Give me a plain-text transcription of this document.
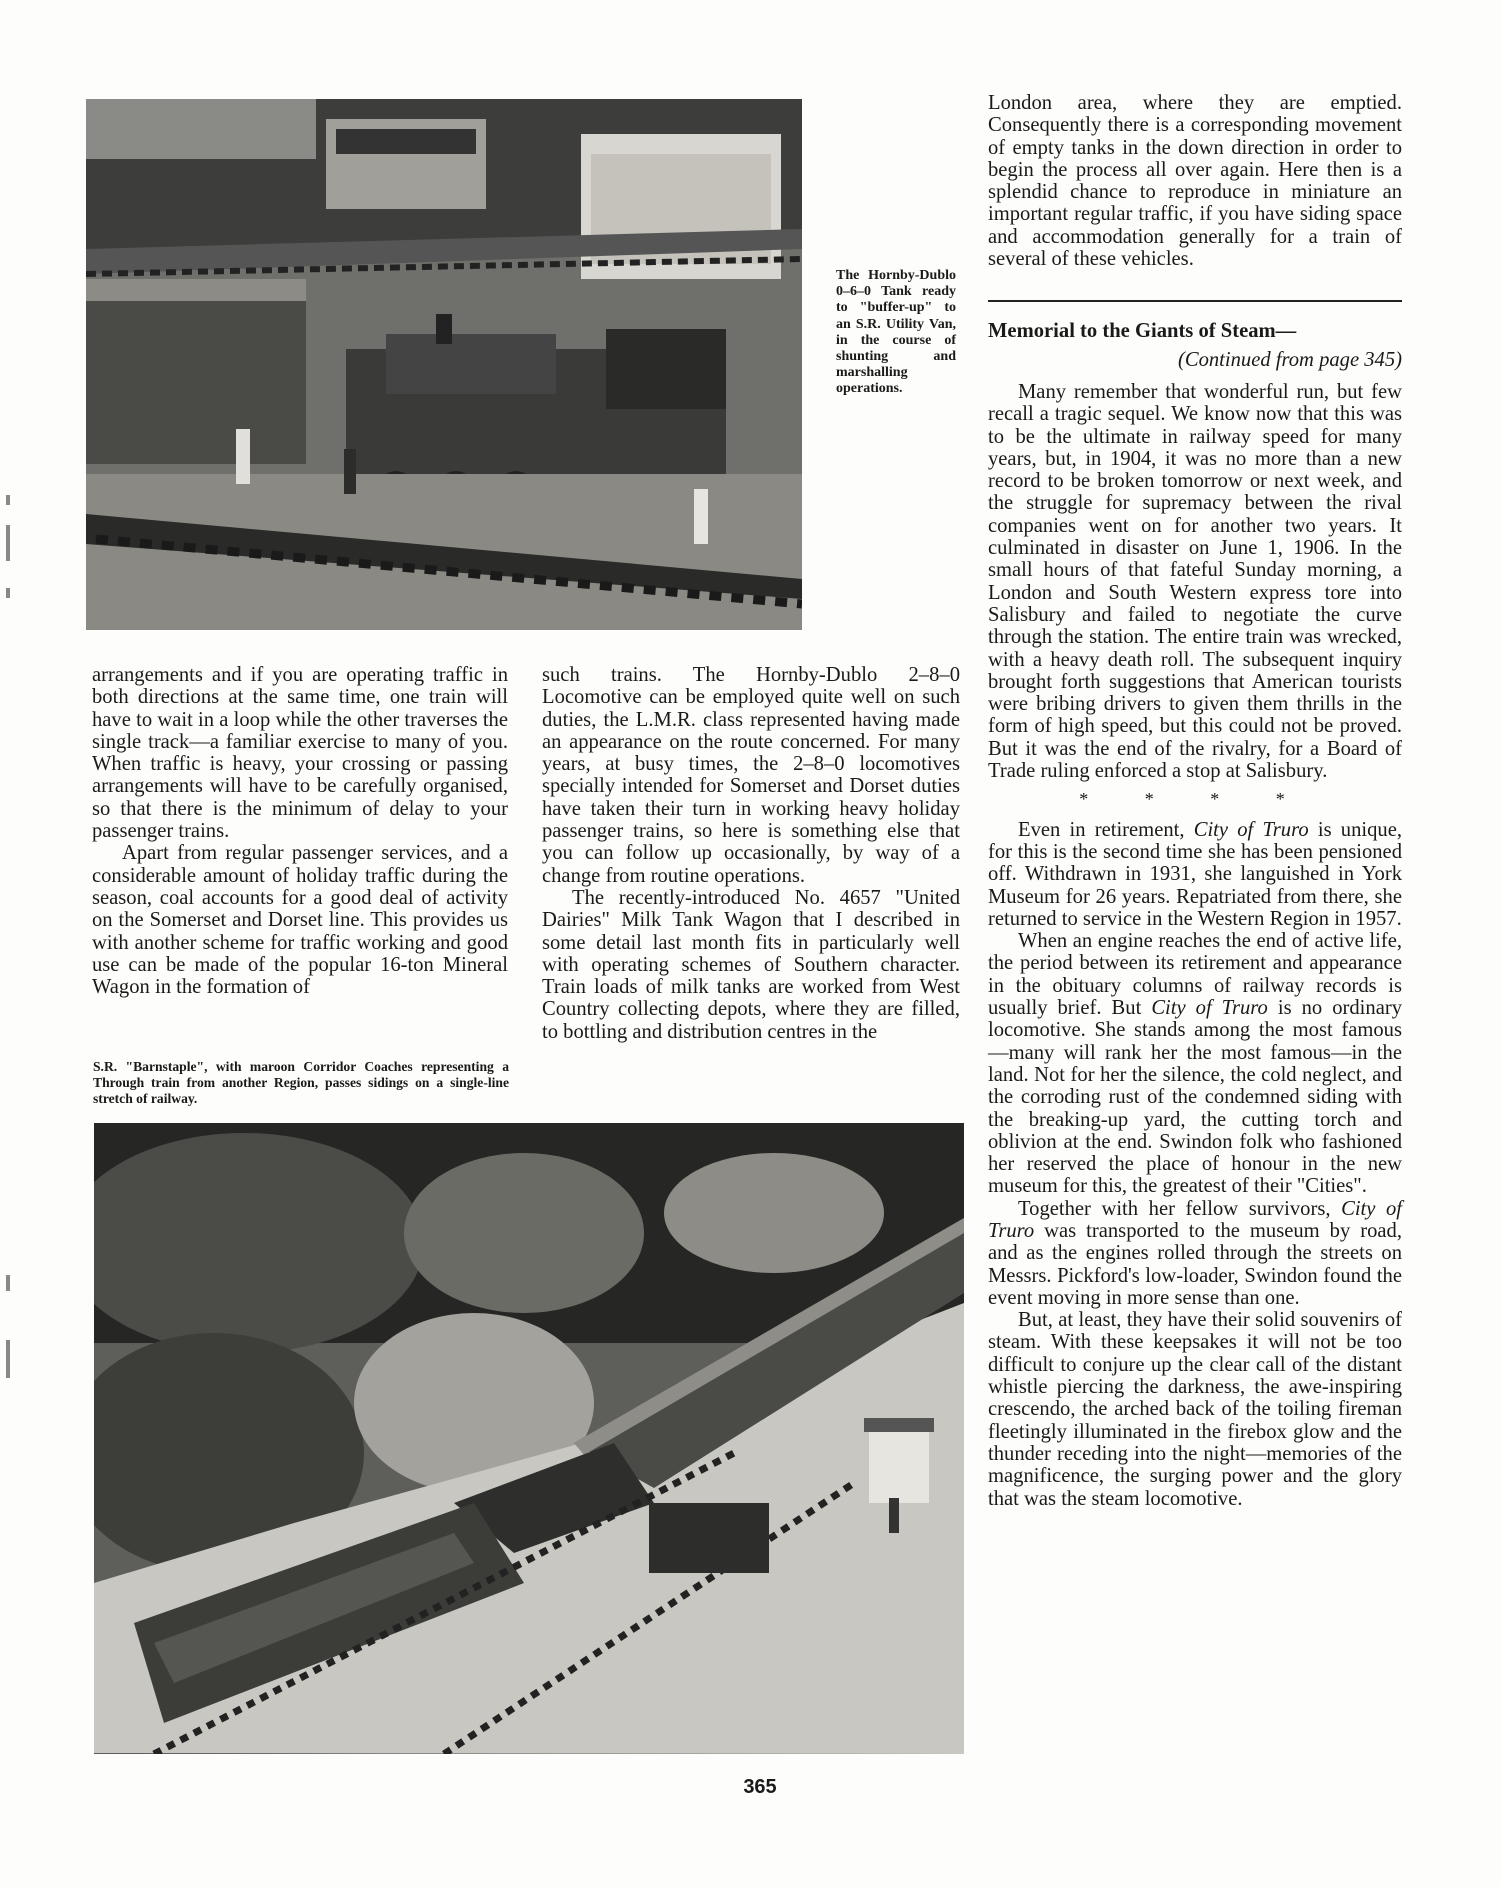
The Hornby-Dublo 0–6–0 Tank ready to "buffer-up" to an S.R. Utility Van, in the course of shunting and marshalling operations.

arrangements and if you are operating traffic in both directions at the same time, one train will have to wait in a loop while the other traverses the single track—a familiar exercise to many of you. When traffic is heavy, your crossing or passing arrangements will have to be carefully organised, so that there is the minimum of delay to your passenger trains.

Apart from regular passenger services, and a considerable amount of holiday traffic during the season, coal accounts for a good deal of activity on the Somerset and Dorset line. This provides us with another scheme for traffic working and good use can be made of the popular 16-ton Mineral Wagon in the formation of

S.R. "Barnstaple", with maroon Corridor Coaches representing a Through train from another Region, passes sidings on a single-line stretch of railway.

such trains. The Hornby-Dublo 2–8–0 Locomotive can be employed quite well on such duties, the L.M.R. class represented having made an appearance on the route concerned. For many years, at busy times, the 2–8–0 locomotives specially intended for Somerset and Dorset duties have taken their turn in working heavy holiday passenger trains, so here is something else that you can follow up occasionally, by way of a change from routine operations.

The recently-introduced No. 4657 "United Dairies" Milk Tank Wagon that I described in some detail last month fits in particularly well with operating schemes of Southern character. Train loads of milk tanks are worked from West Country collecting depots, where they are filled, to bottling and distribution centres in the

London area, where they are emptied. Consequently there is a corresponding movement of empty tanks in the down direction in order to begin the process all over again. Here then is a splendid chance to reproduce in miniature an important regular traffic, if you have siding space and accommodation generally for a train of several of these vehicles.

Memorial to the Giants of Steam—
(Continued from page 345)

Many remember that wonderful run, but few recall a tragic sequel. We know now that this was to be the ultimate in railway speed for many years, but, in 1904, it was no more than a new record to be broken tomorrow or next week, and the struggle for supremacy between the rival companies went on for another two years. It culminated in disaster on June 1, 1906. In the small hours of that fateful Sunday morning, a London and South Western express tore into Salisbury and failed to negotiate the curve through the station. The entire train was wrecked, with a heavy death roll. The subsequent inquiry brought forth suggestions that American tourists were bribing drivers to given them thrills in the form of high speed, but this could not be proved. But it was the end of the rivalry, for a Board of Trade ruling enforced a stop at Salisbury.

* * * *

Even in retirement, City of Truro is unique, for this is the second time she has been pensioned off. Withdrawn in 1931, she languished in York Museum for 26 years. Repatriated from there, she returned to service in the Western Region in 1957.

When an engine reaches the end of active life, the period between its retirement and appearance in the obituary columns of railway records is usually brief. But City of Truro is no ordinary locomotive. She stands among the most famous —many will rank her the most famous—in the land. Not for her the silence, the cold neglect, and the corroding rust of the condemned siding with the breaking-up yard, the cutting torch and oblivion at the end. Swindon folk who fashioned her reserved the place of honour in the new museum for this, the greatest of their "Cities".

Together with her fellow survivors, City of Truro was transported to the museum by road, and as the engines rolled through the streets on Messrs. Pickford's low-loader, Swindon found the event moving in more sense than one.

But, at least, they have their solid souvenirs of steam. With these keepsakes it will not be too difficult to conjure up the clear call of the distant whistle piercing the darkness, the awe-inspiring crescendo, the arched back of the toiling fireman fleetingly illuminated in the firebox glow and the thunder receding into the night—memories of the magnificence, the surging power and the glory that was the steam locomotive.

365
